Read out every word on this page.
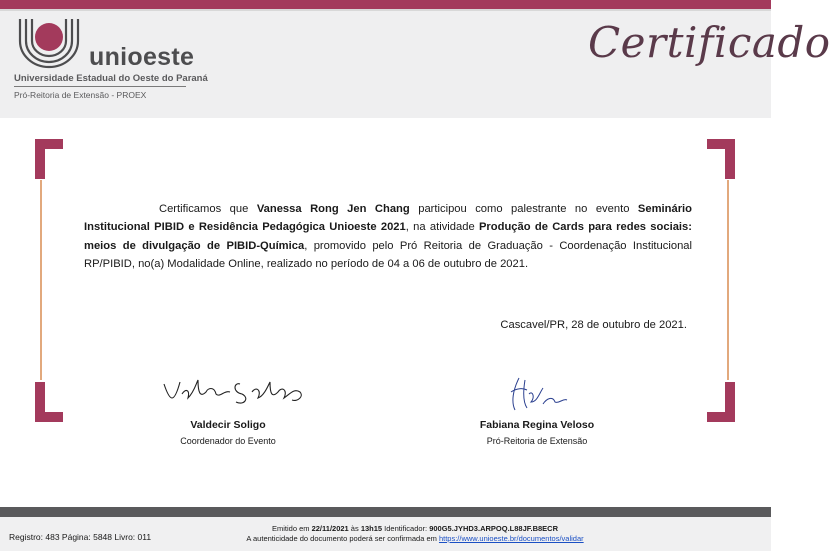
unioeste
Universidade Estadual do Oeste do Paraná
Pró-Reitoria de Extensão - PROEX
Certificado

Certificamos que Vanessa Rong Jen Chang participou como palestrante no evento Seminário Institucional PIBID e Residência Pedagógica Unioeste 2021, na atividade Produção de Cards para redes sociais: meios de divulgação de PIBID-Química, promovido pelo Pró Reitoria de Graduação - Coordenação Institucional RP/PIBID, no(a) Modalidade Online, realizado no período de 04 a 06 de outubro de 2021.

Cascavel/PR, 28 de outubro de 2021.
Valdecir Soligo
Coordenador do Evento
Fabiana Regina Veloso
Pró-Reitoria de Extensão
Registro: 483 Página: 5848 Livro: 011
Emitido em 22/11/2021 às 13h15 Identificador: 900G5.JYHD3.ARPOQ.L88JF.B8ECR
A autenticidade do documento poderá ser confirmada em https://www.unioeste.br/documentos/validar
